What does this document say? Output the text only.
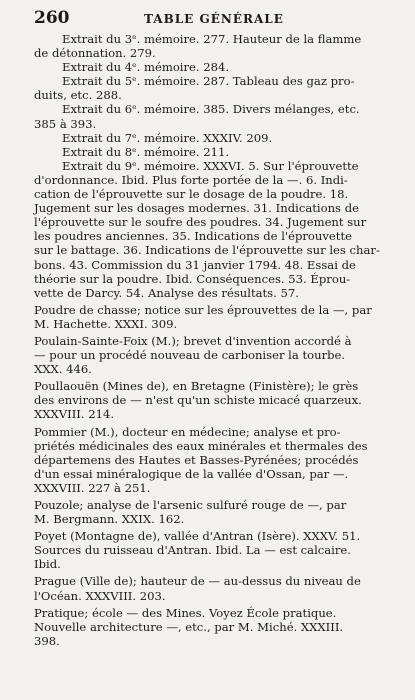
260	TABLE GÉNÉRALE
Extrait du 3ᵉ. mémoire. 277. Hauteur de la flamme
de détonnation. 279.
Extrait du 4ᵉ. mémoire. 284.
Extrait du 5ᵉ. mémoire. 287. Tableau des gaz pro-
duits, etc. 288.
Extrait du 6ᵉ. mémoire. 385. Divers mélanges, etc.
385 à 393.
Extrait du 7ᵉ. mémoire. XXXIV. 209.
Extrait du 8ᵉ. mémoire. 211.
Extrait du 9ᵉ. mémoire. XXXVI. 5. Sur l'éprouvette
d'ordonnance. Ibid. Plus forte portée de la —. 6. Indi-
cation de l'éprouvette sur le dosage de la poudre. 18.
Jugement sur les dosages modernes. 31. Indications de
l'éprouvette sur le soufre des poudres. 34. Jugement sur
les poudres anciennes. 35. Indications de l'éprouvette
sur le battage. 36. Indications de l'éprouvette sur les char-
bons. 43. Commission du 31 janvier 1794. 48. Essai de
théorie sur la poudre. Ibid. Conséquences. 53. Éprou-
vette de Darcy. 54. Analyse des résultats. 57.
Poudre de chasse; notice sur les éprouvettes de la —, par
M. Hachette. XXXI. 309.
Poulain-Sainte-Foix (M.); brevet d'invention accordé à
— pour un procédé nouveau de carboniser la tourbe.
XXX. 446.
Poullaouën (Mines de), en Bretagne (Finistère); le grès
des environs de — n'est qu'un schiste micacé quarzeux.
XXXVIII. 214.
Pommier (M.), docteur en médecine; analyse et pro-
priétés médicinales des eaux minérales et thermales des
départemens des Hautes et Basses-Pyrénées; procédés
d'un essai minéralogique de la vallée d'Ossan, par —.
XXXVIII. 227 à 251.
Pouzole; analyse de l'arsenic sulfuré rouge de —, par
M. Bergmann. XXIX. 162.
Poyet (Montagne de), vallée d'Antran (Isère). XXXV. 51.
Sources du ruisseau d'Antran. Ibid. La — est calcaire.
Ibid.
Prague (Ville de); hauteur de — au-dessus du niveau de
l'Océan. XXXVIII. 203.
Pratique; école — des Mines. Voyez École pratique.
Nouvelle architecture —, etc., par M. Miché. XXXIII.
398.
